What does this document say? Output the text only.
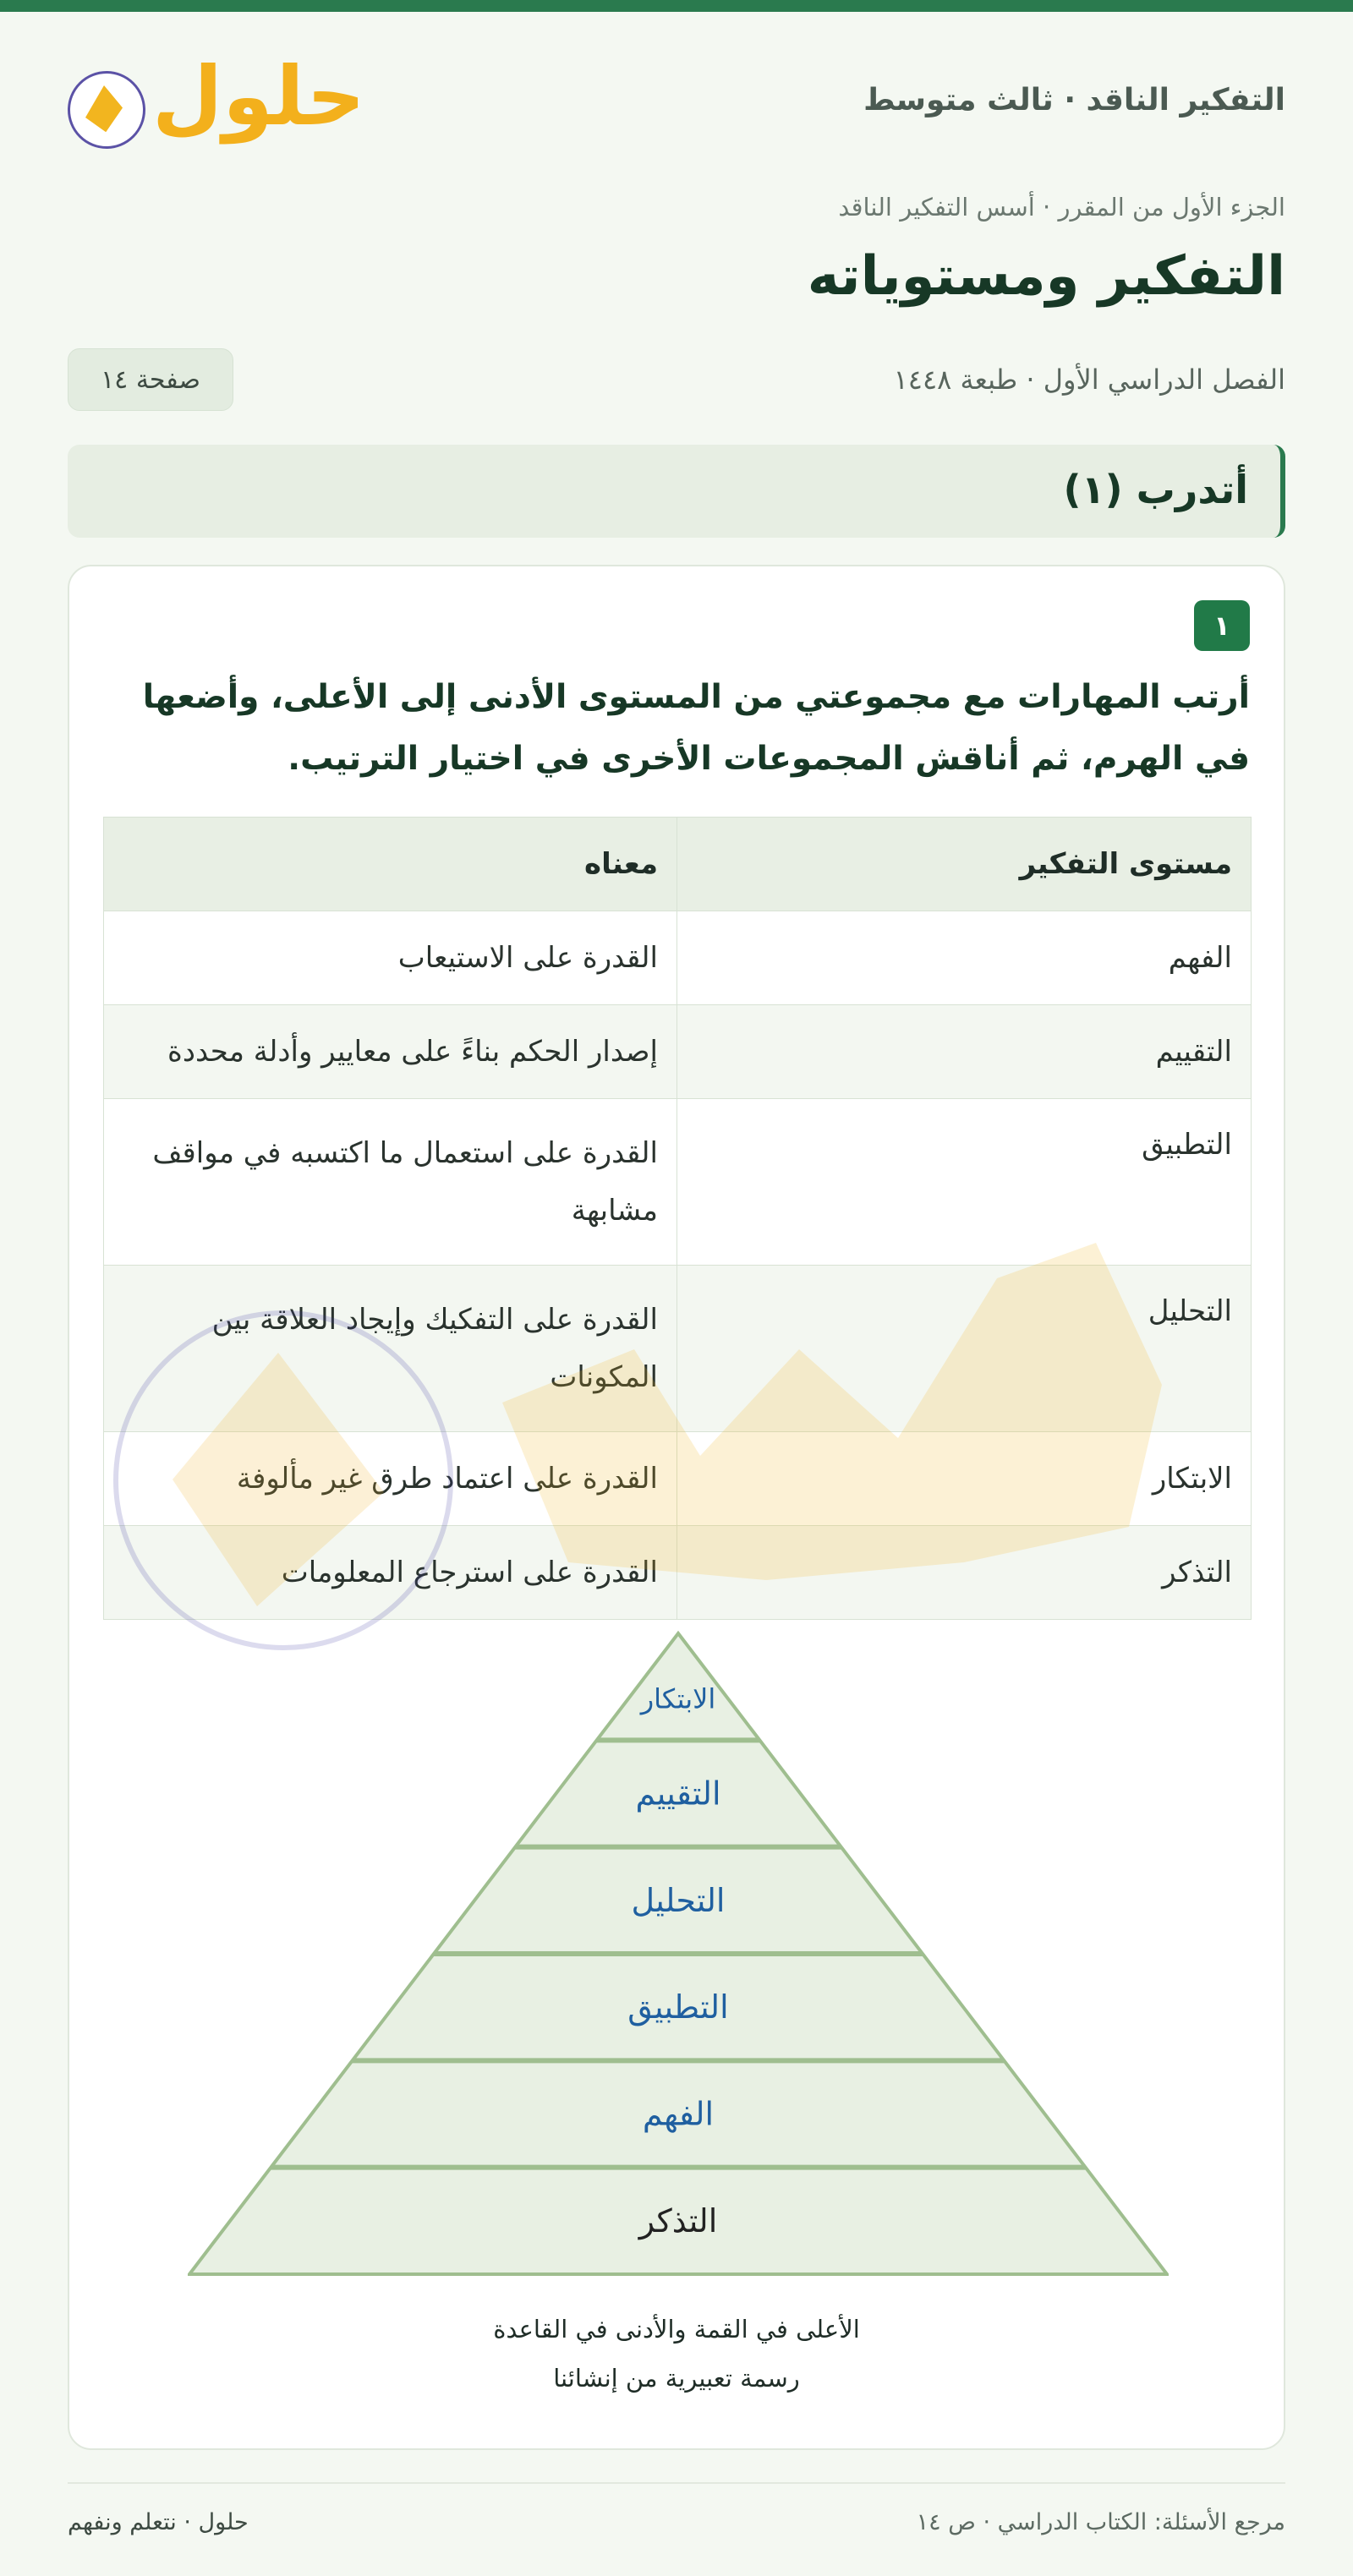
التفكير الناقد · ثالث متوسط
حلول
الجزء الأول من المقرر · أسس التفكير الناقد
التفكير ومستوياته
الفصل الدراسي الأول · طبعة ١٤٤٨
صفحة ١٤
أتدرب (١)
١
أرتب المهارات مع مجموعتي من المستوى الأدنى إلى الأعلى، وأضعها في الهرم، ثم أناقش المجموعات الأخرى في اختيار الترتيب.
مستوى التفكير	معناه
الفهم	القدرة على الاستيعاب
التقييم	إصدار الحكم بناءً على معايير وأدلة محددة
التطبيق	القدرة على استعمال ما اكتسبه في مواقف مشابهة
التحليل	القدرة على التفكيك وإيجاد العلاقة بين المكونات
الابتكار	القدرة على اعتماد طرق غير مألوفة
التذكر	القدرة على استرجاع المعلومات
الابتكار
التقييم
التحليل
التطبيق
الفهم
التذكر
الأعلى في القمة والأدنى في القاعدة
رسمة تعبيرية من إنشائنا
مرجع الأسئلة: الكتاب الدراسي · ص ١٤
حلول · نتعلم ونفهم
